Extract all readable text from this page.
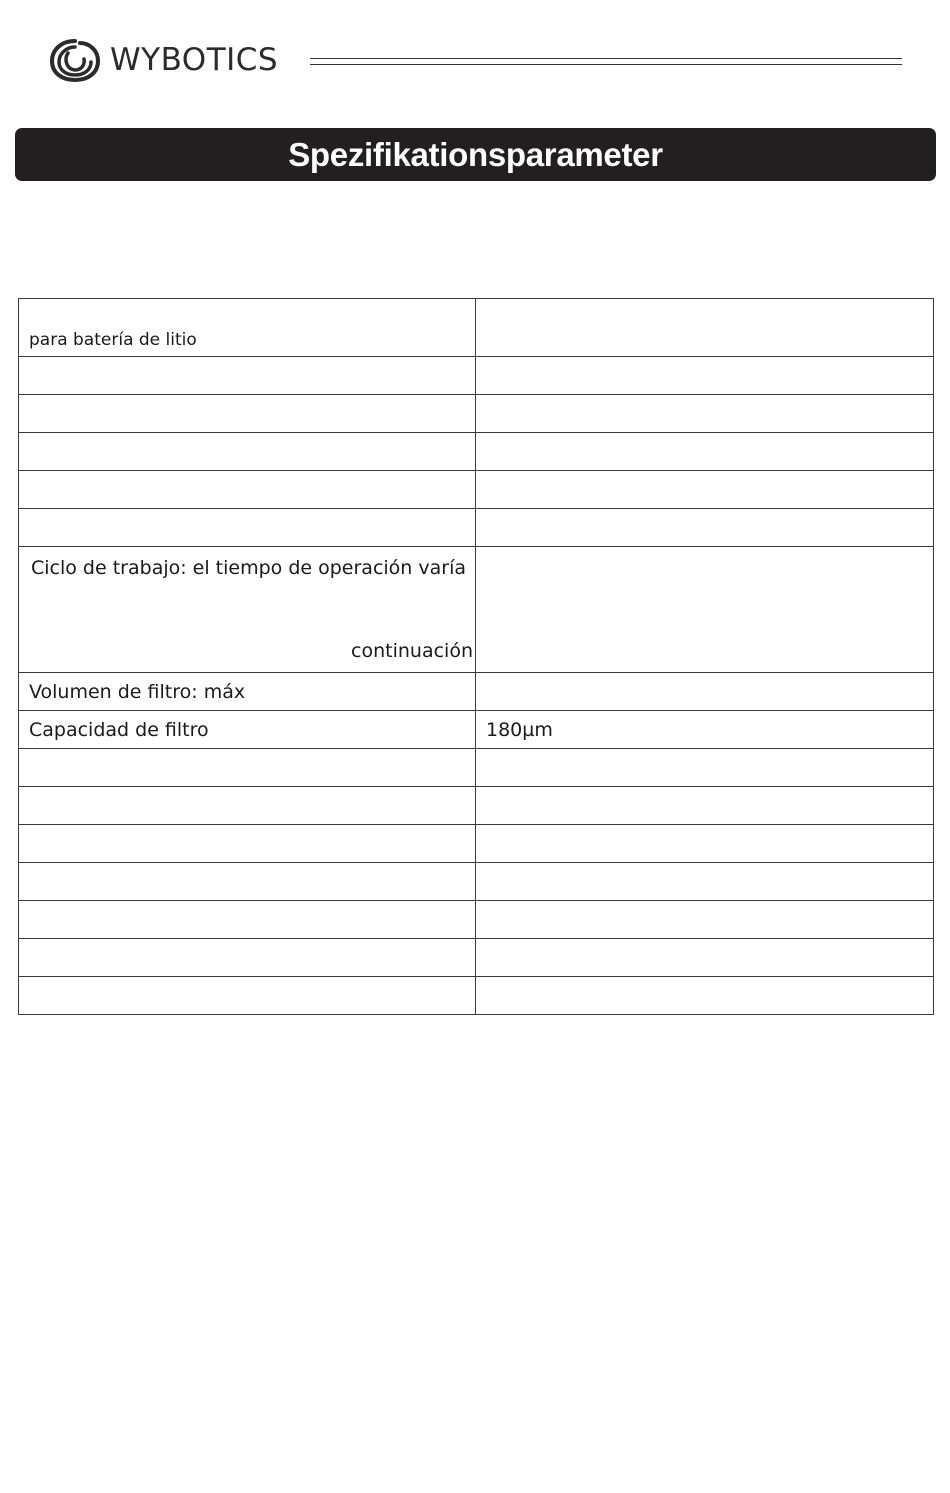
WYBOTICS
Spezifikationsparameter
para batería de litio	

Ciclo de trabajo: el tiempo de operación varía
continuación	

Volumen de filtro: máx	
Capacidad de filtro	180µm
